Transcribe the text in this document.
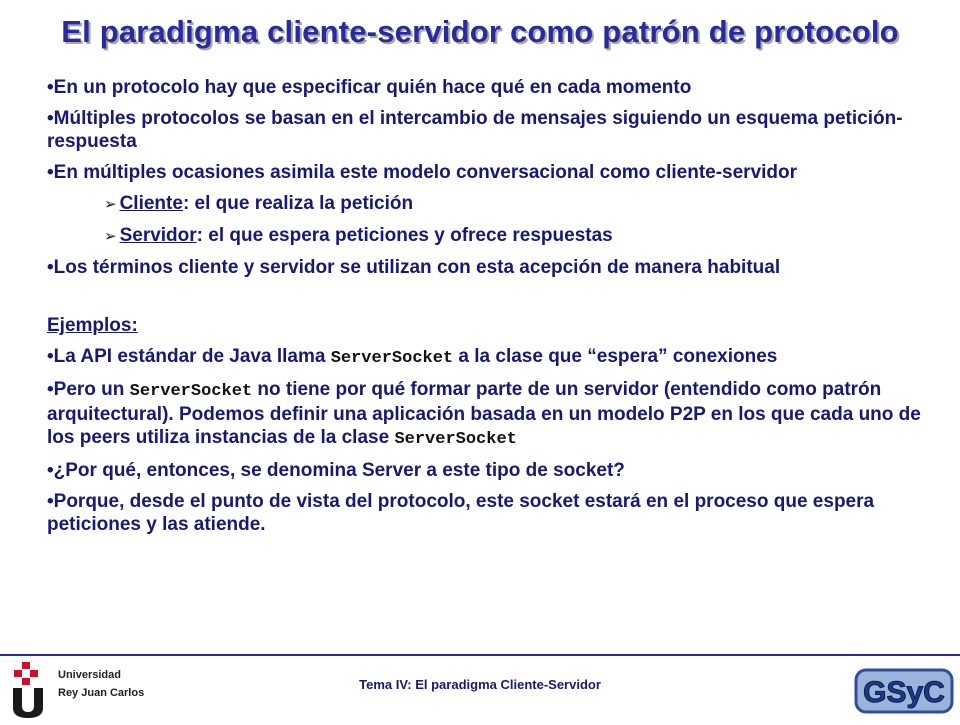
El paradigma cliente-servidor como patrón de protocolo
•En un protocolo hay que especificar quién hace qué en cada momento
•Múltiples protocolos se basan en el intercambio de mensajes siguiendo un esquema petición-respuesta
•En múltiples ocasiones asimila este modelo conversacional como cliente-servidor
➢ Cliente: el que realiza la petición
➢ Servidor: el que espera peticiones y ofrece respuestas
•Los términos cliente y servidor se utilizan con esta acepción de manera habitual
Ejemplos:
•La API estándar de Java llama ServerSocket a la clase que “espera” conexiones
•Pero un ServerSocket no tiene por qué formar parte de un servidor (entendido como patrón arquitectural). Podemos definir una aplicación basada en un modelo P2P en los que cada uno de los peers utiliza instancias de la clase ServerSocket
•¿Por qué, entonces, se denomina Server a este tipo de socket?
•Porque, desde el punto de vista del protocolo, este socket estará en el proceso que espera peticiones y las atiende.
Tema IV: El paradigma Cliente-Servidor
Universidad
Rey Juan Carlos	GSyC
